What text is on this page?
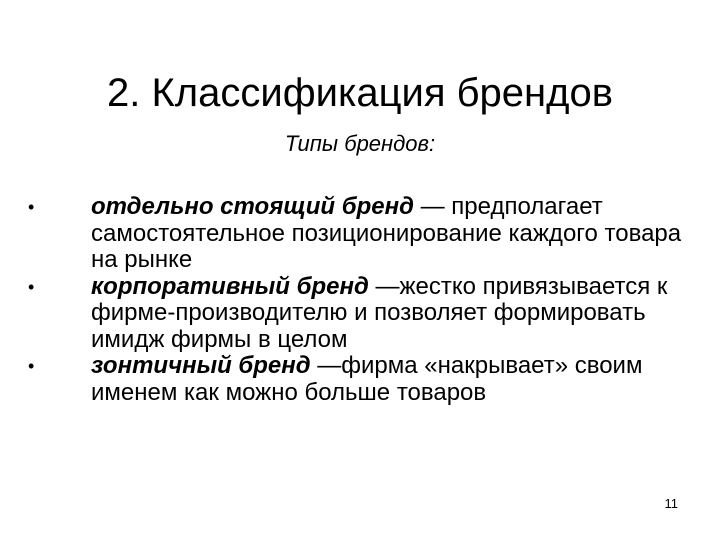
2. Классификация брендов
Типы брендов:
• отдельно стоящий бренд — предполагает самостоятельное позиционирование каждого товара на рынке
• корпоративный бренд —жестко привязывается к фирме-производителю и позволяет формировать имидж фирмы в целом
• зонтичный бренд —фирма «накрывает» своим именем как можно больше товаров
11
